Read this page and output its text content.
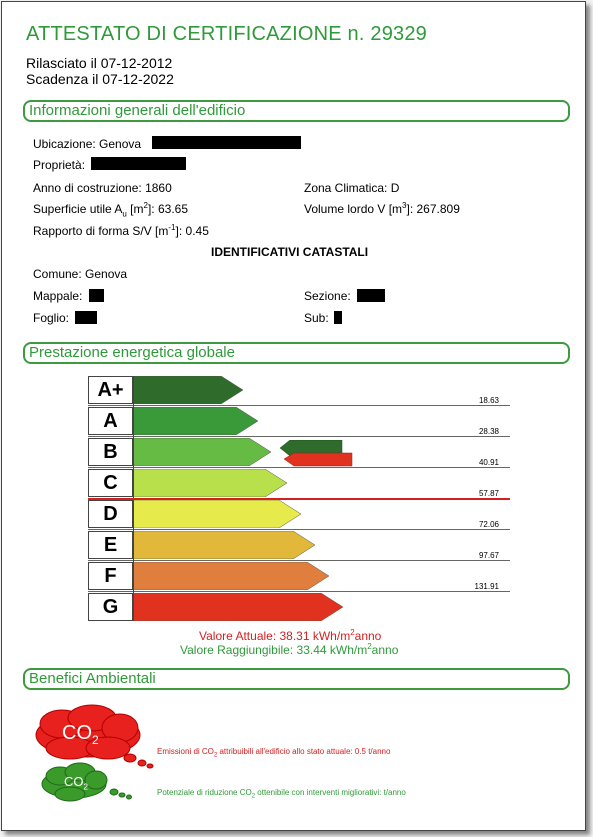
ATTESTATO DI CERTIFICAZIONE n. 29329
Rilasciato il 07-12-2012
Scadenza il 07-12-2022
Informazioni generali dell'edificio
Ubicazione: Genova
Proprietà:
Anno di costruzione: 1860	Zona Climatica: D
Superficie utile $A_u$ $[m^2]$: 63.65	Volume lordo V $[m^3]$: 267.809
Rapporto di forma S/V $[m^{-1}]$: 0.45
IDENTIFICATIVI CATASTALI
Comune: Genova
Mappale:	Sezione:
Foglio:	Sub:
Prestazione energetica globale
A+	18.63
A	28.38
B	40.91
C	57.87
D	72.06
E	97.67
F	131.91
G
Valore Attuale: 38.31 kWh/$m^2anno$
Valore Raggiungibile: 33.44 kWh/$m^2anno$
Benefici Ambientali
$CO_2$
$CO_2$
Emissioni di $CO_2$ attribuibili all'edificio allo stato attuale: 0.5 t/anno
Potenziale di riduzione $CO_2$ ottenibile con interventi migliorativi: t/anno
